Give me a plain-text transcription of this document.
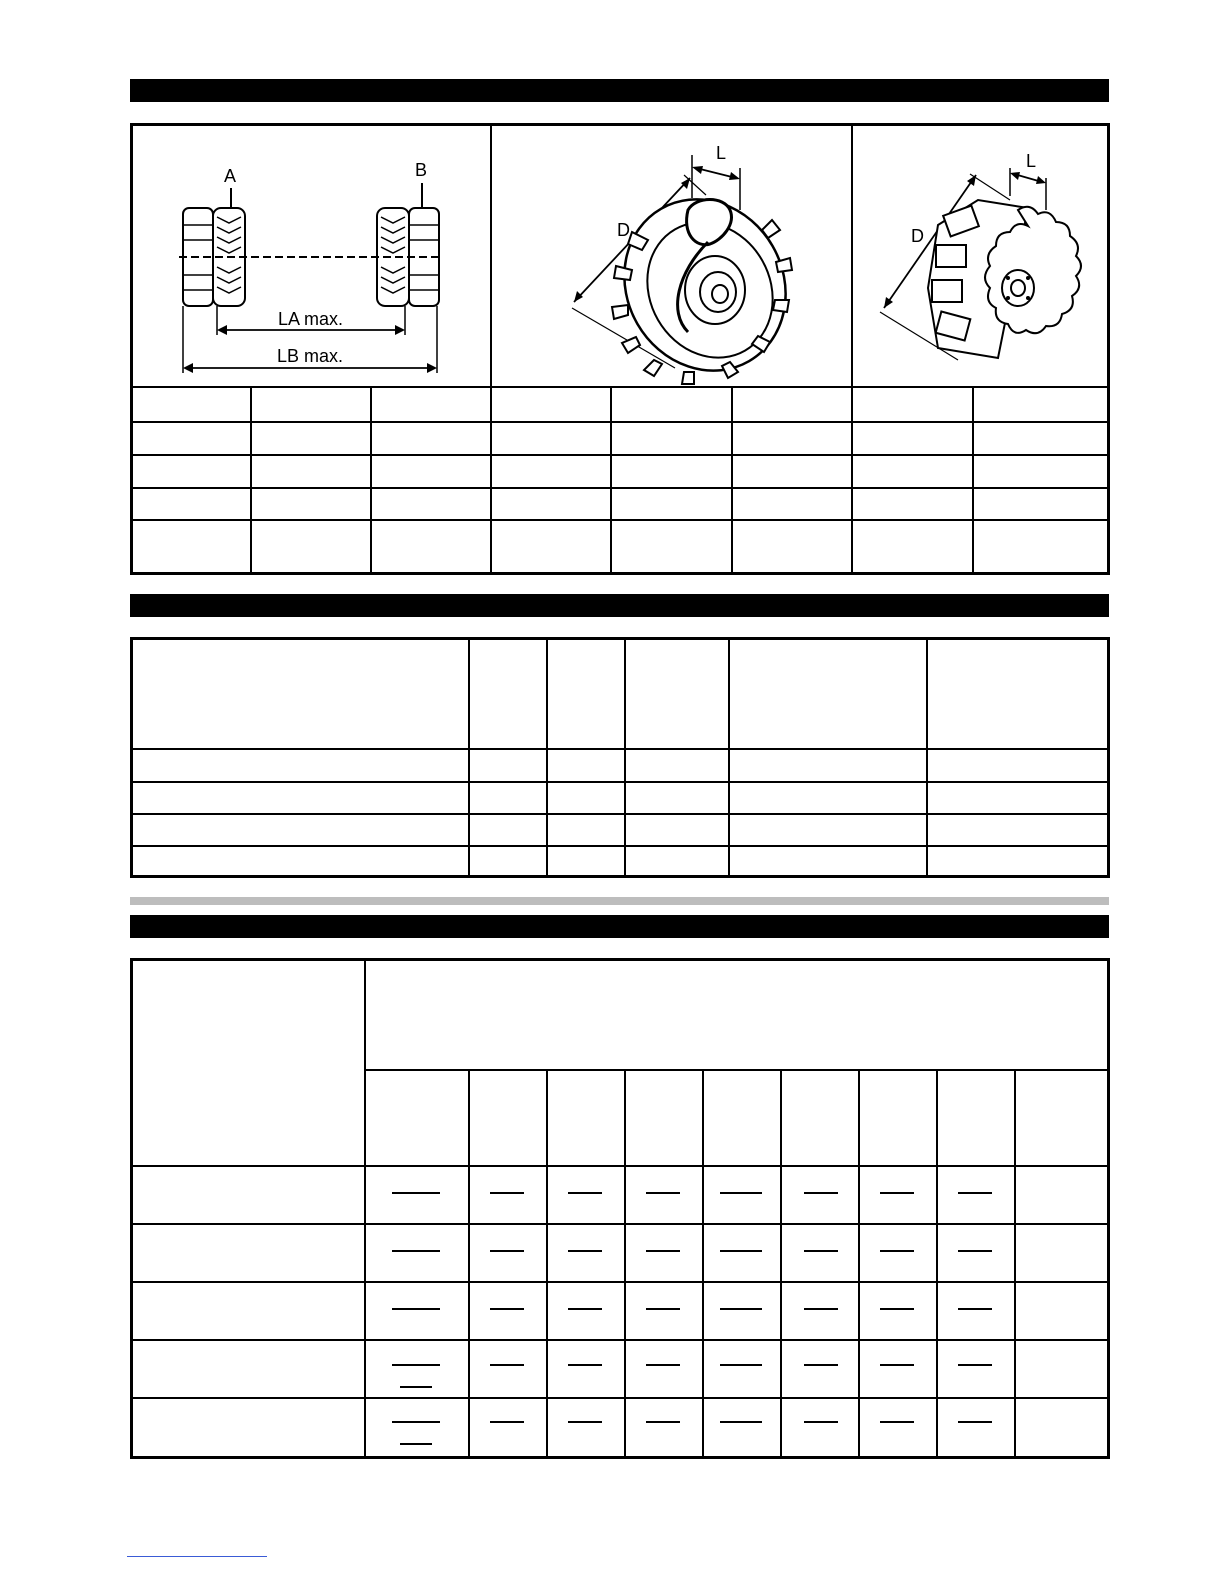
A	B
LA max.
LB max.
L
D
L
D
